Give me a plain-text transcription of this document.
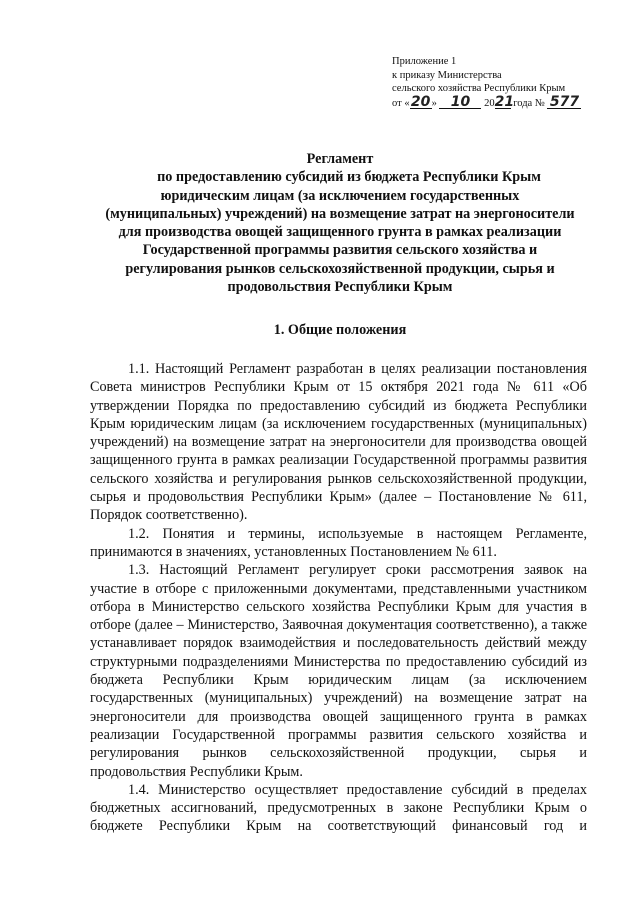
Приложение 1
к приказу Министерства
сельского хозяйства Республики Крым
от «20» 10 2021 года № 577
Регламент
по предоставлению субсидий из бюджета Республики Крым
юридическим лицам (за исключением государственных
(муниципальных) учреждений) на возмещение затрат на энергоносители
для производства овощей защищенного грунта в рамках реализации
Государственной программы развития сельского хозяйства и
регулирования рынков сельскохозяйственной продукции, сырья и
продовольствия Республики Крым
1. Общие положения

1.1. Настоящий Регламент разработан в целях реализации постановления Совета министров Республики Крым от 15 октября 2021 года № 611 «Об утверждении Порядка по предоставлению субсидий из бюджета Республики Крым юридическим лицам (за исключением государственных (муниципальных) учреждений) на возмещение затрат на энергоносители для производства овощей защищенного грунта в рамках реализации Государственной программы развития сельского хозяйства и регулирования рынков сельскохозяйственной продукции, сырья и продовольствия Республики Крым» (далее – Постановление № 611, Порядок соответственно).

1.2. Понятия и термины, используемые в настоящем Регламенте, принимаются в значениях, установленных Постановлением № 611.

1.3. Настоящий Регламент регулирует сроки рассмотрения заявок на участие в отборе с приложенными документами, представленными участником отбора в Министерство сельского хозяйства Республики Крым для участия в отборе (далее – Министерство, Заявочная документация соответственно), а также устанавливает порядок взаимодействия и последовательность действий между структурными подразделениями Министерства по предоставлению субсидий из бюджета Республики Крым юридическим лицам (за исключением государственных (муниципальных) учреждений) на возмещение затрат на энергоносители для производства овощей защищенного грунта в рамках реализации Государственной программы развития сельского хозяйства и регулирования рынков сельскохозяйственной продукции, сырья и продовольствия Республики Крым.

1.4. Министерство осуществляет предоставление субсидий в пределах бюджетных ассигнований, предусмотренных в законе Республики Крым о бюджете Республики Крым на соответствующий финансовый год и
